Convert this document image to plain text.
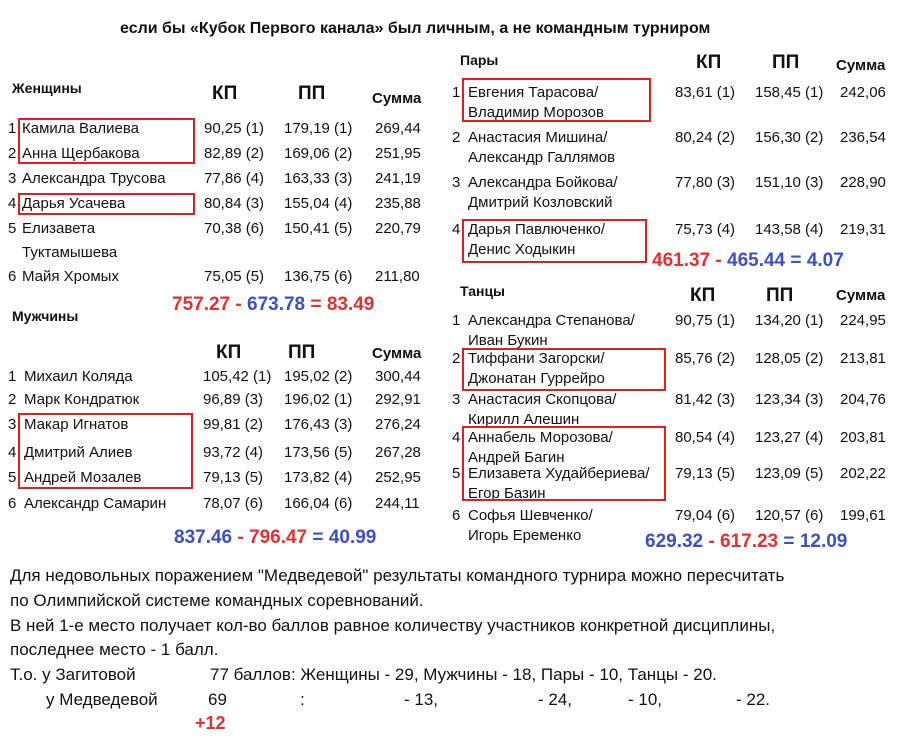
если бы «Кубок Первого канала» был личным, а не командным турниром
Женщины	КП	ПП	Сумма
1 Камила Валиева	90,25 (1) 179,19 (1) 269,44
2 Анна Щербакова	82,89 (2) 169,06 (2) 251,95
3 Александра Трусова	77,86 (4) 163,33 (3) 241,19
4 Дарья Усачева	80,84 (3) 155,04 (4) 235,88
5 Елизавета
Туктамышева
70,38 (6) 150,41 (5) 220,79
6 Майя Хромых	75,05 (5) 136,75 (6) 211,80
757.27 - 673.78 = 83.49
Мужчины
КП ПП	Сумма
1 Михаил Коляда	105,42 (1) 195,02 (2) 300,44
2 Марк Кондратюк	96,89 (3) 196,02 (1) 292,91
3 Макар Игнатов	99,81 (2) 176,43 (3) 276,24
4 Дмитрий Алиев	93,72 (4) 173,56 (5) 267,28
5 Андрей Мозалев	79,13 (5) 173,82 (4) 252,95
6 Александр Самарин 78,07 (6) 166,04 (6) 244,11
837.46 - 796.47 = 40.99
Пары	КП	ПП Сумма
1 Евгения Тарасова/
Владимир Морозов
83,61 (1) 158,45 (1) 242,06
2 Анастасия Мишина/
Александр Галлямов
80,24 (2) 156,30 (2) 236,54
3 Александра Бойкова/
Дмитрий Козловский
77,80 (3) 151,10 (3) 228,90
4 Дарья Павлюченко/
Денис Ходыкин
75,73 (4) 143,58 (4) 219,31
461.37 - 465.44 = 4.07
Танцы	КП	ПП	Сумма
1 Александра Степанова/
Иван Букин
90,75 (1) 134,20 (1) 224,95
2 Тиффани Загорски/
Джонатан Гуррейро
85,76 (2) 128,05 (2) 213,81
3 Анастасия Скопцова/
Кирилл Алешин
81,42 (3) 123,34 (3) 204,76
4 Аннабель Морозова/
Андрей Багин
80,54 (4) 123,27 (4) 203,81
5 Елизавета Худайбериева/
Егор Базин
79,13 (5) 123,09 (5) 202,22
6 Софья Шевченко/
Игорь Еременко
79,04 (6) 120,57 (6) 199,61
629.32 - 617.23 = 12.09
Для недовольных поражением "Медведевой" результаты командного турнира можно пересчитать
по Олимпийской системе командных соревнований.
В ней 1-е место получает кол-во баллов равное количеству участников конкретной дисциплины,
последнее место - 1 балл.
Т.о. у Загитовой	77 баллов: Женщины - 29, Мужчины - 18, Пары - 10, Танцы - 20.
у Медведевой	69	:	- 13,	- 24,	- 10,	- 22.
+12
